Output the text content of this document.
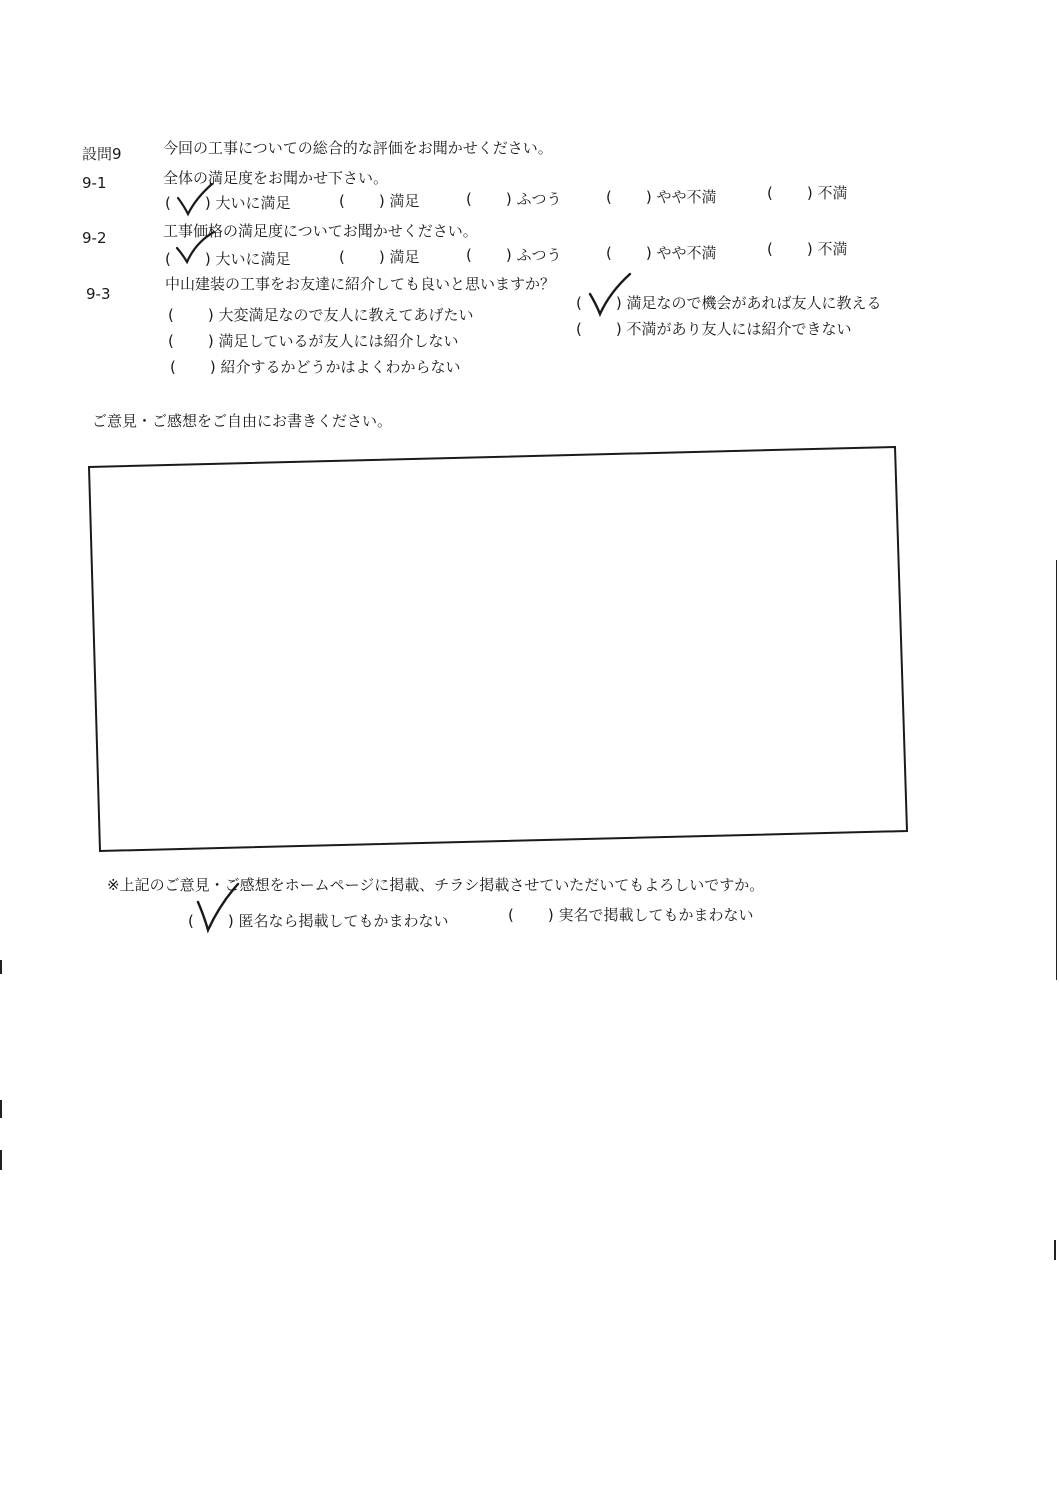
設問9	今回の工事についての総合的な評価をお聞かせください。
9-1	全体の満足度をお聞かせ下さい。
( ) 大いに満足	( ) 満足	( ) ふつう	( ) やや不満	( ) 不満
9-2	工事価格の満足度についてお聞かせください。
( ) 大いに満足	( ) 満足	( ) ふつう	( ) やや不満	( ) 不満
9-3
中山建装の工事をお友達に紹介しても良いと思いますか？
( ) 大変満足なので友人に教えてあげたい
( ) 満足なので機会があれば友人に教える
( ) 満足しているが友人には紹介しない
( ) 不満があり友人には紹介できない
( ) 紹介するかどうかはよくわからない
ご意見・ご感想をご自由にお書きください。
※上記のご意見・ご感想をホームページに掲載、チラシ掲載させていただいてもよろしいですか。
( ) 匿名なら掲載してもかまわない	( ) 実名で掲載してもかまわない
